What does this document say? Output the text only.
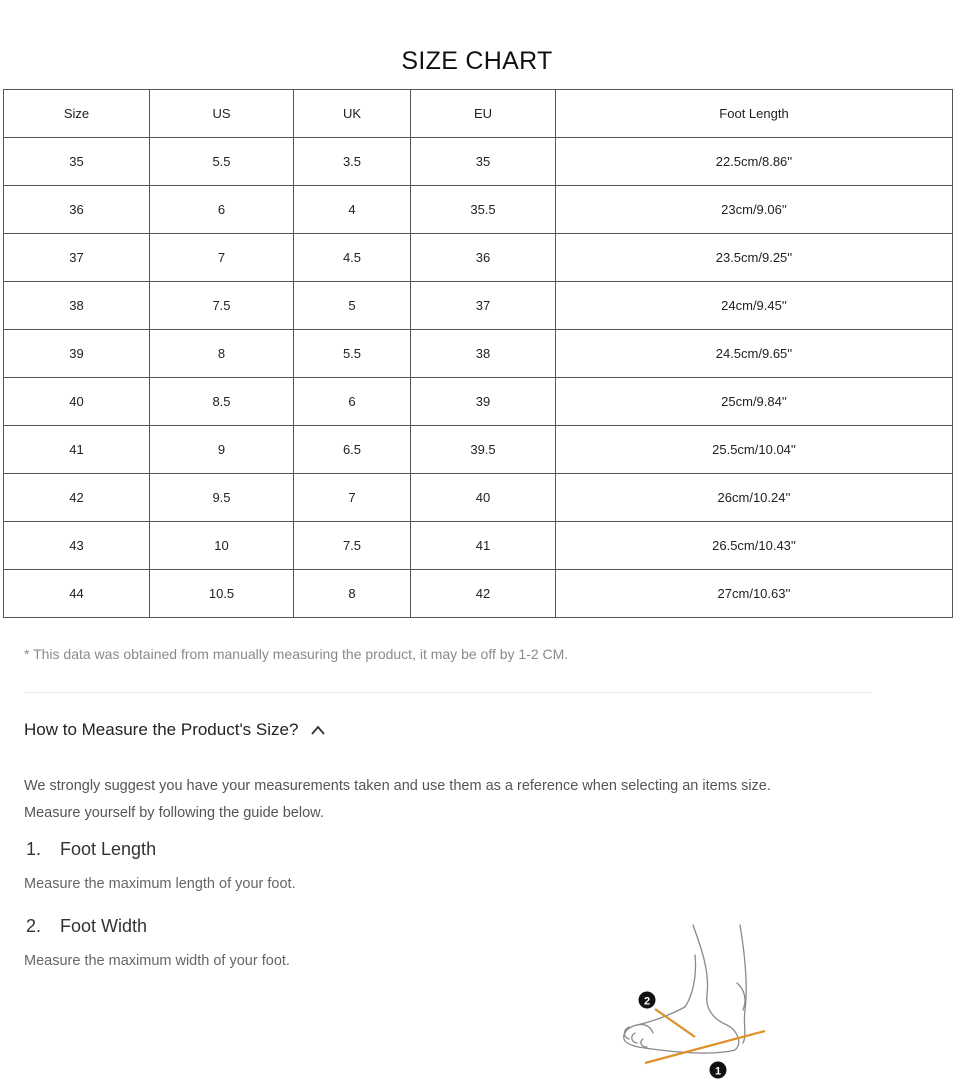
SIZE CHART
Size	US	UK	EU	Foot Length
35	5.5	3.5	35	22.5cm/8.86''
36	6	4	35.5	23cm/9.06''
37	7	4.5	36	23.5cm/9.25''
38	7.5	5	37	24cm/9.45''
39	8	5.5	38	24.5cm/9.65''
40	8.5	6	39	25cm/9.84''
41	9	6.5	39.5	25.5cm/10.04''
42	9.5	7	40	26cm/10.24''
43	10	7.5	41	26.5cm/10.43''
44	10.5	8	42	27cm/10.63''
* This data was obtained from manually measuring the product, it may be off by 1-2 CM.
How to Measure the Product's Size?
We strongly suggest you have your measurements taken and use them as a reference when selecting an items size.
Measure yourself by following the guide below.
1. Foot Length
Measure the maximum length of your foot.
2. Foot Width
Measure the maximum width of your foot.
2
1
